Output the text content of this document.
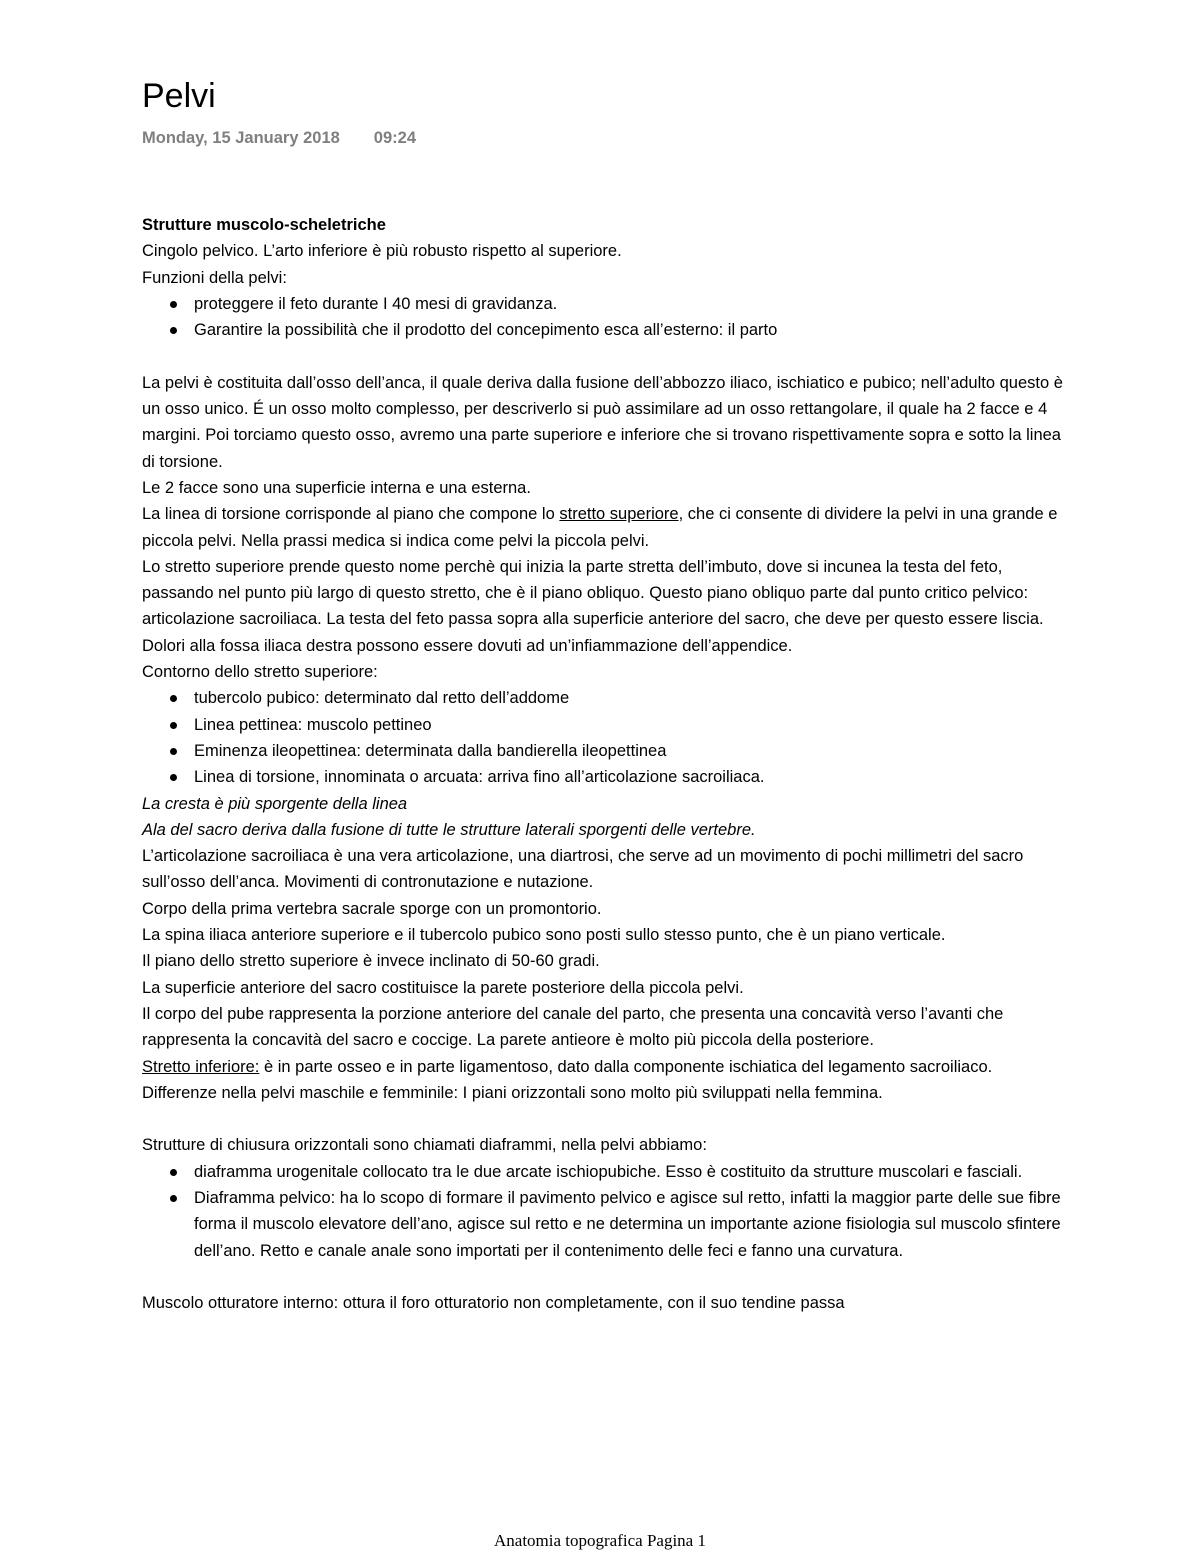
Pelvi
Monday, 15 January 2018 09:24

Strutture muscolo-scheletriche

Cingolo pelvico. L’arto inferiore è più robusto rispetto al superiore.

Funzioni della pelvi:

proteggere il feto durante I 40 mesi di gravidanza.
Garantire la possibilità che il prodotto del concepimento esca all’esterno: il parto

La pelvi è costituita dall’osso dell’anca, il quale deriva dalla fusione dell’abbozzo iliaco, ischiatico e pubico; nell’adulto questo è un osso unico. É un osso molto complesso, per descriverlo si può assimilare ad un osso rettangolare, il quale ha 2 facce e 4 margini. Poi torciamo questo osso, avremo una parte superiore e inferiore che si trovano rispettivamente sopra e sotto la linea di torsione.

Le 2 facce sono una superficie interna e una esterna.

La linea di torsione corrisponde al piano che compone lo stretto superiore, che ci consente di dividere la pelvi in una grande e piccola pelvi. Nella prassi medica si indica come pelvi la piccola pelvi.

Lo stretto superiore prende questo nome perchè qui inizia la parte stretta dell’imbuto, dove si incunea la testa del feto, passando nel punto più largo di questo stretto, che è il piano obliquo. Questo piano obliquo parte dal punto critico pelvico: articolazione sacroiliaca. La testa del feto passa sopra alla superficie anteriore del sacro, che deve per questo essere liscia.

Dolori alla fossa iliaca destra possono essere dovuti ad un’infiammazione dell’appendice.

Contorno dello stretto superiore:

tubercolo pubico: determinato dal retto dell’addome
Linea pettinea: muscolo pettineo
Eminenza ileopettinea: determinata dalla bandierella ileopettinea
Linea di torsione, innominata o arcuata: arriva fino all’articolazione sacroiliaca.

La cresta è più sporgente della linea

Ala del sacro deriva dalla fusione di tutte le strutture laterali sporgenti delle vertebre.

L’articolazione sacroiliaca è una vera articolazione, una diartrosi, che serve ad un movimento di pochi millimetri del sacro sull’osso dell’anca. Movimenti di contronutazione e nutazione.

Corpo della prima vertebra sacrale sporge con un promontorio.

La spina iliaca anteriore superiore e il tubercolo pubico sono posti sullo stesso punto, che è un piano verticale.

Il piano dello stretto superiore è invece inclinato di 50-60 gradi.

La superficie anteriore del sacro costituisce la parete posteriore della piccola pelvi.

Il corpo del pube rappresenta la porzione anteriore del canale del parto, che presenta una concavità verso l’avanti che rappresenta la concavità del sacro e coccige. La parete antieore è molto più piccola della posteriore.

Stretto inferiore: è in parte osseo e in parte ligamentoso, dato dalla componente ischiatica del legamento sacroiliaco.

Differenze nella pelvi maschile e femminile: I piani orizzontali sono molto più sviluppati nella femmina.

Strutture di chiusura orizzontali sono chiamati diaframmi, nella pelvi abbiamo:

diaframma urogenitale collocato tra le due arcate ischiopubiche. Esso è costituito da strutture muscolari e fasciali.
Diaframma pelvico: ha lo scopo di formare il pavimento pelvico e agisce sul retto, infatti la maggior parte delle sue fibre forma il muscolo elevatore dell’ano, agisce sul retto e ne determina un importante azione fisiologia sul muscolo sfintere dell’ano. Retto e canale anale sono importati per il contenimento delle feci e fanno una curvatura.

Muscolo otturatore interno: ottura il foro otturatorio non completamente, con il suo tendine passa

Anatomia topografica Pagina 1
